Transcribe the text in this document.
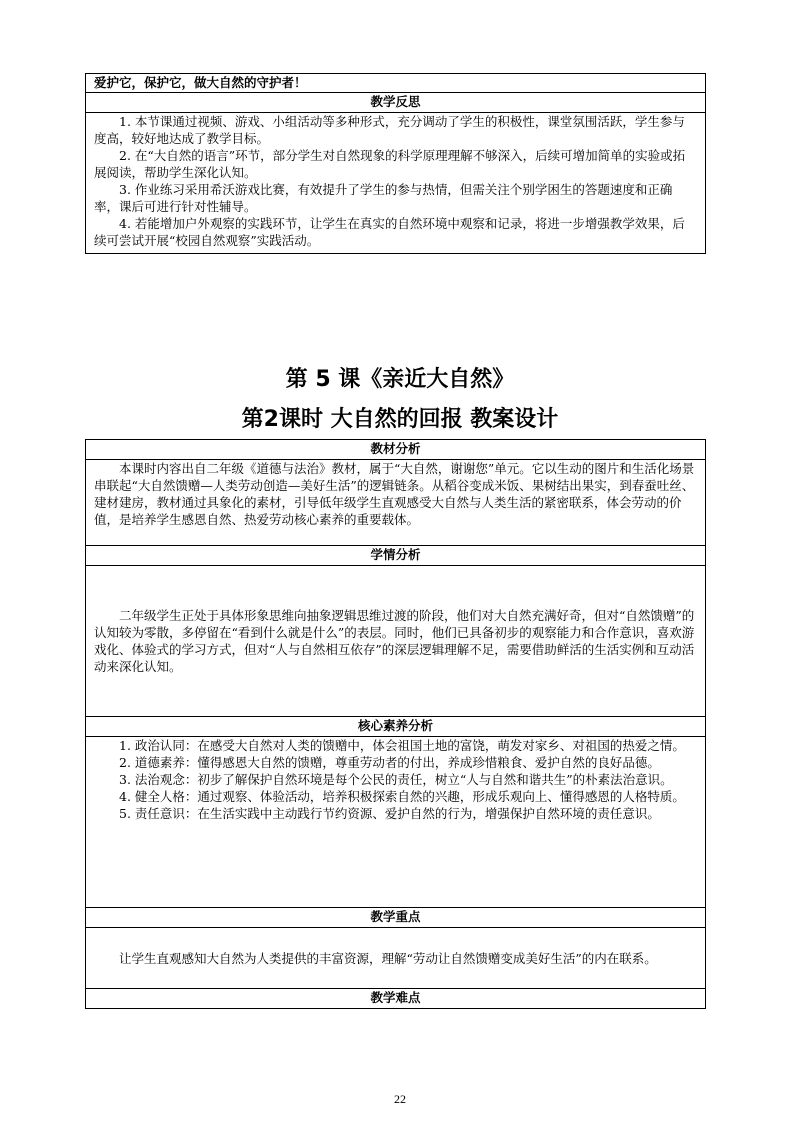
爱护它，保护它，做大自然的守护者！
教学反思

1. 本节课通过视频、游戏、小组活动等多种形式，充分调动了学生的积极性，课堂氛围活跃，学生参与度高，较好地达成了教学目标。

2. 在“大自然的语言”环节，部分学生对自然现象的科学原理理解不够深入，后续可增加简单的实验或拓展阅读，帮助学生深化认知。

3. 作业练习采用希沃游戏比赛，有效提升了学生的参与热情，但需关注个别学困生的答题速度和正确率，课后可进行针对性辅导。

4. 若能增加户外观察的实践环节，让学生在真实的自然环境中观察和记录，将进一步增强教学效果，后续可尝试开展“校园自然观察”实践活动。

第 5 课《亲近大自然》
第2课时 大自然的回报 教案设计
教材分析

本课时内容出自二年级《道德与法治》教材，属于“大自然，谢谢您”单元。它以生动的图片和生活化场景串联起“大自然馈赠—人类劳动创造—美好生活”的逻辑链条。从稻谷变成米饭、果树结出果实，到春蚕吐丝、建材建房，教材通过具象化的素材，引导低年级学生直观感受大自然与人类生活的紧密联系，体会劳动的价值，是培养学生感恩自然、热爱劳动核心素养的重要载体。

学情分析

二年级学生正处于具体形象思维向抽象逻辑思维过渡的阶段，他们对大自然充满好奇，但对“自然馈赠”的认知较为零散，多停留在“看到什么就是什么”的表层。同时，他们已具备初步的观察能力和合作意识，喜欢游戏化、体验式的学习方式，但对“人与自然相互依存”的深层逻辑理解不足，需要借助鲜活的生活实例和互动活动来深化认知。

核心素养分析

1. 政治认同：在感受大自然对人类的馈赠中，体会祖国土地的富饶，萌发对家乡、对祖国的热爱之情。

2. 道德素养：懂得感恩大自然的馈赠，尊重劳动者的付出，养成珍惜粮食、爱护自然的良好品德。

3. 法治观念：初步了解保护自然环境是每个公民的责任，树立“人与自然和谐共生”的朴素法治意识。

4. 健全人格：通过观察、体验活动，培养积极探索自然的兴趣，形成乐观向上、懂得感恩的人格特质。

5. 责任意识：在生活实践中主动践行节约资源、爱护自然的行为，增强保护自然环境的责任意识。

教学重点

让学生直观感知大自然为人类提供的丰富资源，理解“劳动让自然馈赠变成美好生活”的内在联系。

教学难点
22
